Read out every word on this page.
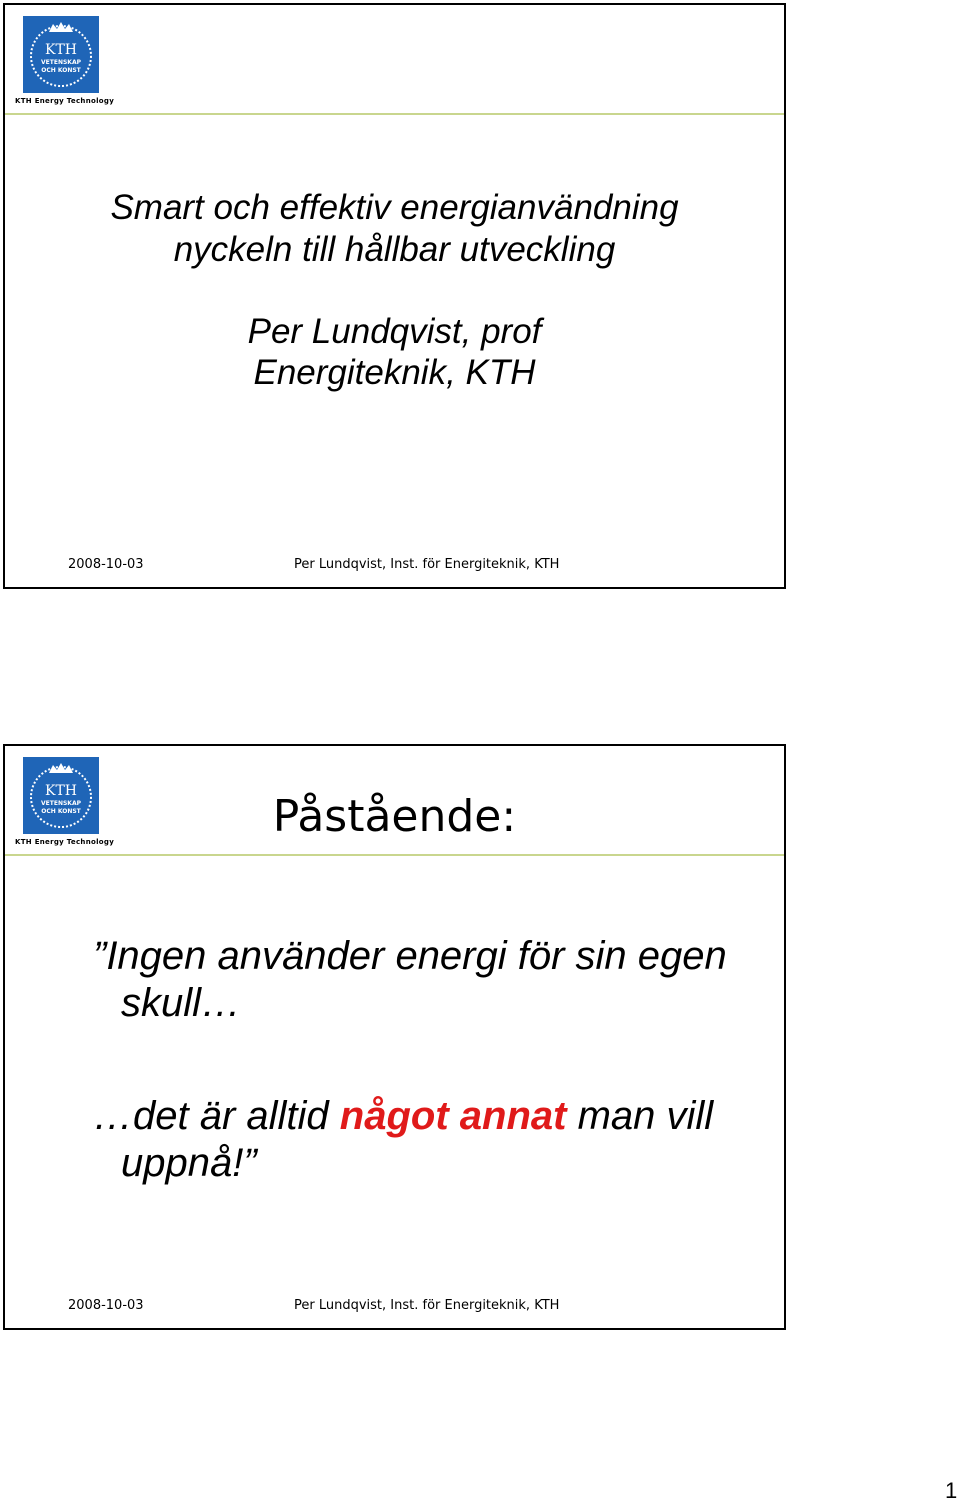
KTH
VETENSKAP
OCH KONST
KTH Energy Technology
Smart och effektiv energianvändning
nyckeln till hållbar utveckling
Per Lundqvist, prof
Energiteknik, KTH
2008-10-03	Per Lundqvist, Inst. för Energiteknik, KTH
KTH
VETENSKAP
OCH KONST
KTH Energy Technology	Påstående:
”Ingen använder energi för sin egen
skull…
…det är alltid något annat man vill
uppnå!”
2008-10-03	Per Lundqvist, Inst. för Energiteknik, KTH
1
